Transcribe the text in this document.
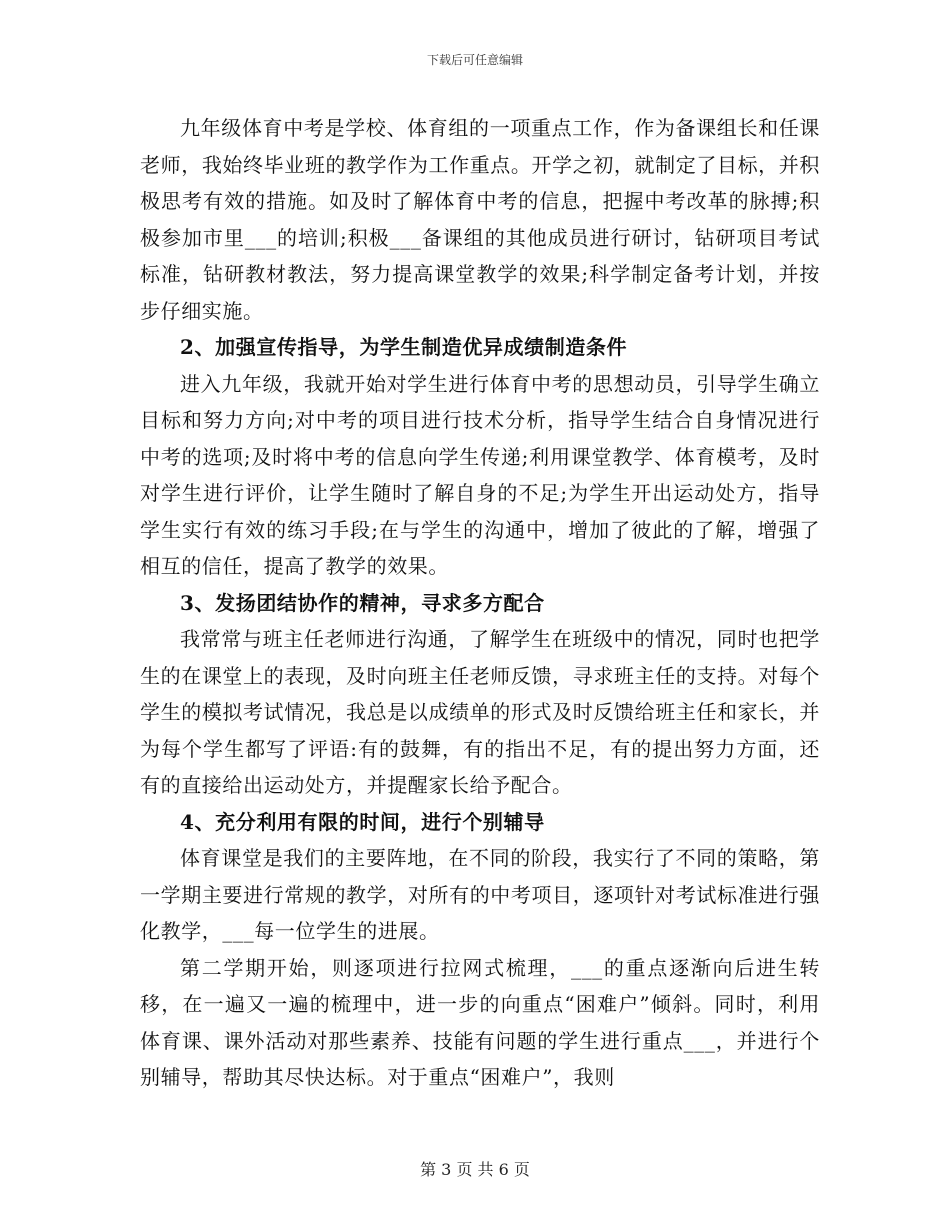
下载后可任意编辑

九年级体育中考是学校、体育组的一项重点工作，作为备课组长和任课老师，我始终毕业班的教学作为工作重点。开学之初，就制定了目标，并积极思考有效的措施。如及时了解体育中考的信息，把握中考改革的脉搏;积极参加市里___的培训;积极___备课组的其他成员进行研讨，钻研项目考试标准，钻研教材教法，努力提高课堂教学的效果;科学制定备考计划，并按步仔细实施。

2、加强宣传指导，为学生制造优异成绩制造条件

进入九年级，我就开始对学生进行体育中考的思想动员，引导学生确立目标和努力方向;对中考的项目进行技术分析，指导学生结合自身情况进行中考的选项;及时将中考的信息向学生传递;利用课堂教学、体育模考，及时对学生进行评价，让学生随时了解自身的不足;为学生开出运动处方，指导学生实行有效的练习手段;在与学生的沟通中，增加了彼此的了解，增强了相互的信任，提高了教学的效果。

3、发扬团结协作的精神，寻求多方配合

我常常与班主任老师进行沟通，了解学生在班级中的情况，同时也把学生的在课堂上的表现，及时向班主任老师反馈，寻求班主任的支持。对每个学生的模拟考试情况，我总是以成绩单的形式及时反馈给班主任和家长，并为每个学生都写了评语:有的鼓舞，有的指出不足，有的提出努力方面，还有的直接给出运动处方，并提醒家长给予配合。

4、充分利用有限的时间，进行个别辅导

体育课堂是我们的主要阵地，在不同的阶段，我实行了不同的策略，第一学期主要进行常规的教学，对所有的中考项目，逐项针对考试标准进行强化教学，___每一位学生的进展。

第二学期开始，则逐项进行拉网式梳理，___的重点逐渐向后进生转移，在一遍又一遍的梳理中，进一步的向重点“困难户”倾斜。同时，利用体育课、课外活动对那些素养、技能有问题的学生进行重点___，并进行个别辅导，帮助其尽快达标。对于重点“困难户”，我则

第 3 页 共 6 页
